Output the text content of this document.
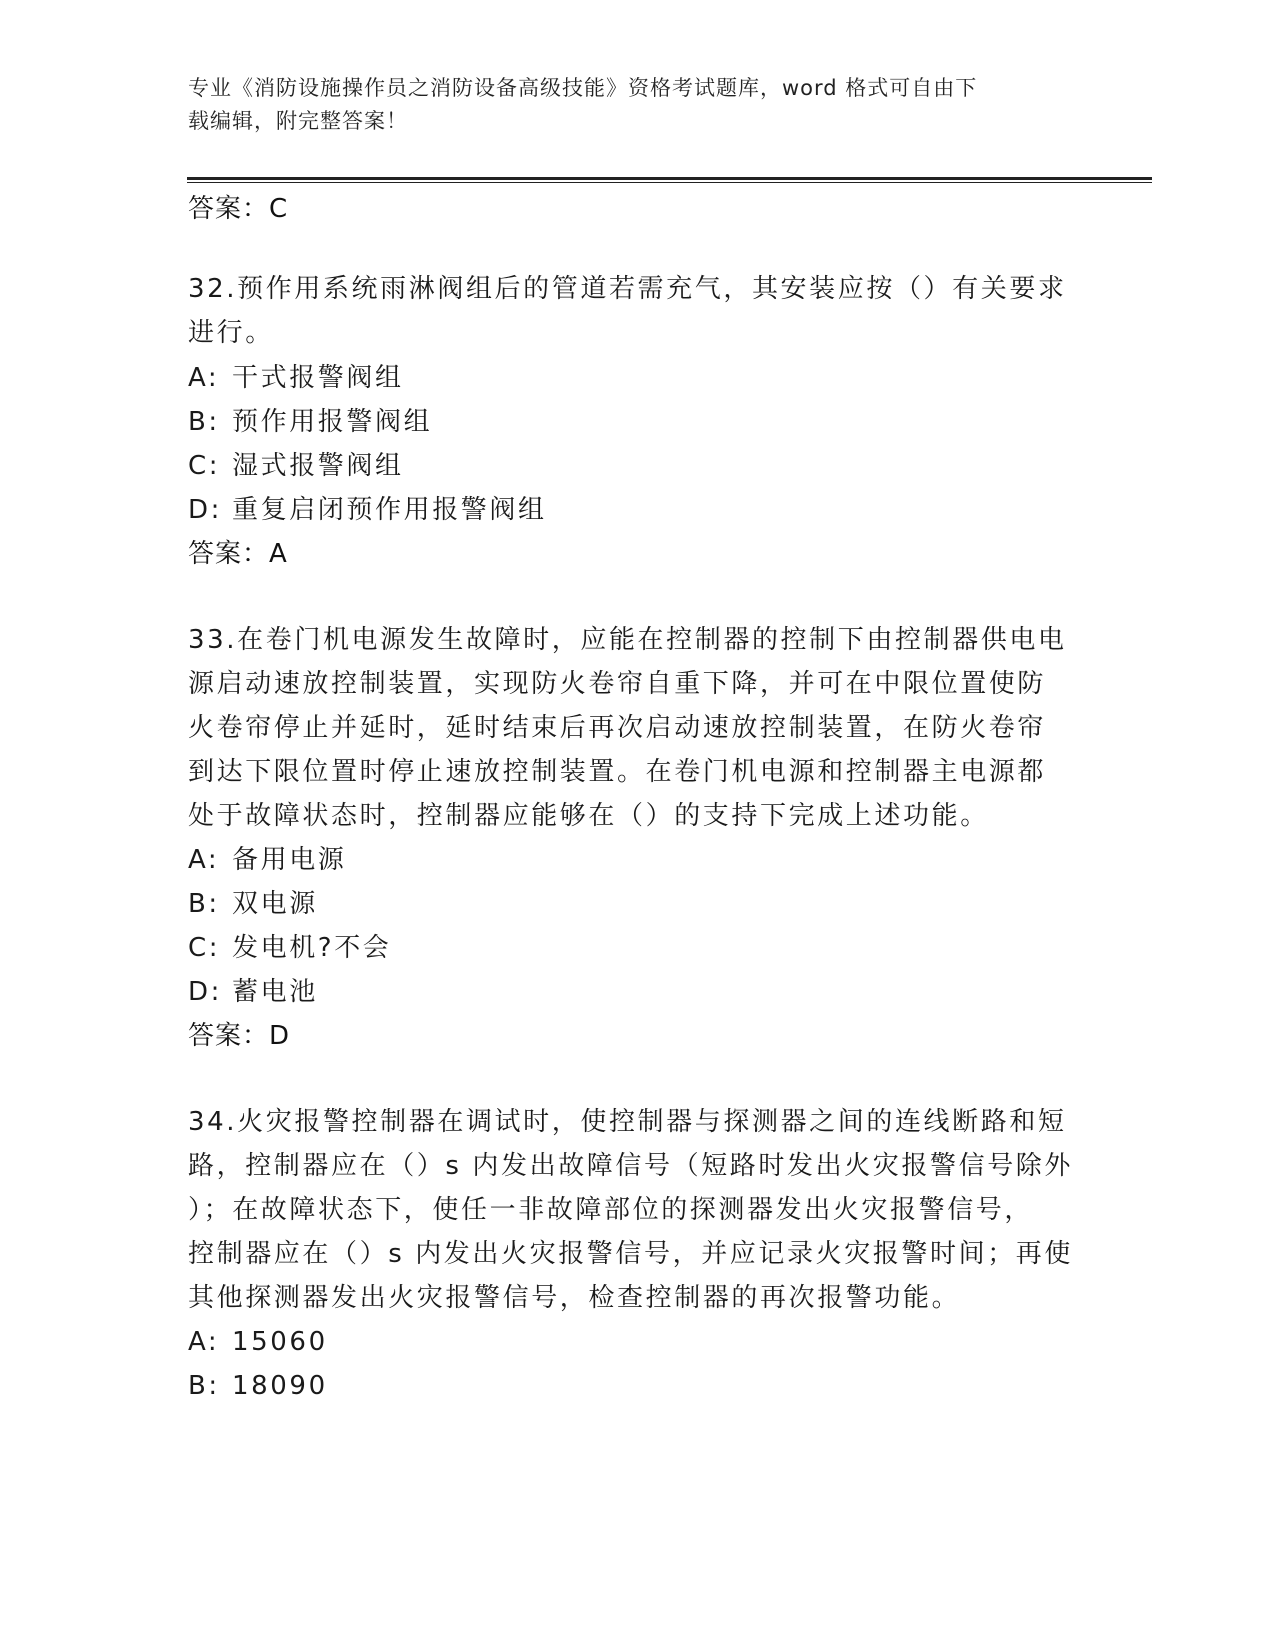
专业《消防设施操作员之消防设备高级技能》资格考试题库，word 格式可自由下
载编辑，附完整答案！
答案：C
32.预作用系统雨淋阀组后的管道若需充气，其安装应按（）有关要求
进行。
A: 干式报警阀组
B: 预作用报警阀组
C: 湿式报警阀组
D: 重复启闭预作用报警阀组
答案：A
33.在卷门机电源发生故障时，应能在控制器的控制下由控制器供电电
源启动速放控制装置，实现防火卷帘自重下降，并可在中限位置使防
火卷帘停止并延时，延时结束后再次启动速放控制装置，在防火卷帘
到达下限位置时停止速放控制装置。在卷门机电源和控制器主电源都
处于故障状态时，控制器应能够在（）的支持下完成上述功能。
A: 备用电源
B: 双电源
C: 发电机?不会
D: 蓄电池
答案：D
34.火灾报警控制器在调试时，使控制器与探测器之间的连线断路和短
路，控制器应在（）s 内发出故障信号（短路时发出火灾报警信号除外
）；在故障状态下，使任一非故障部位的探测器发出火灾报警信号，
控制器应在（）s 内发出火灾报警信号，并应记录火灾报警时间；再使
其他探测器发出火灾报警信号，检查控制器的再次报警功能。
A: 15060
B: 18090
